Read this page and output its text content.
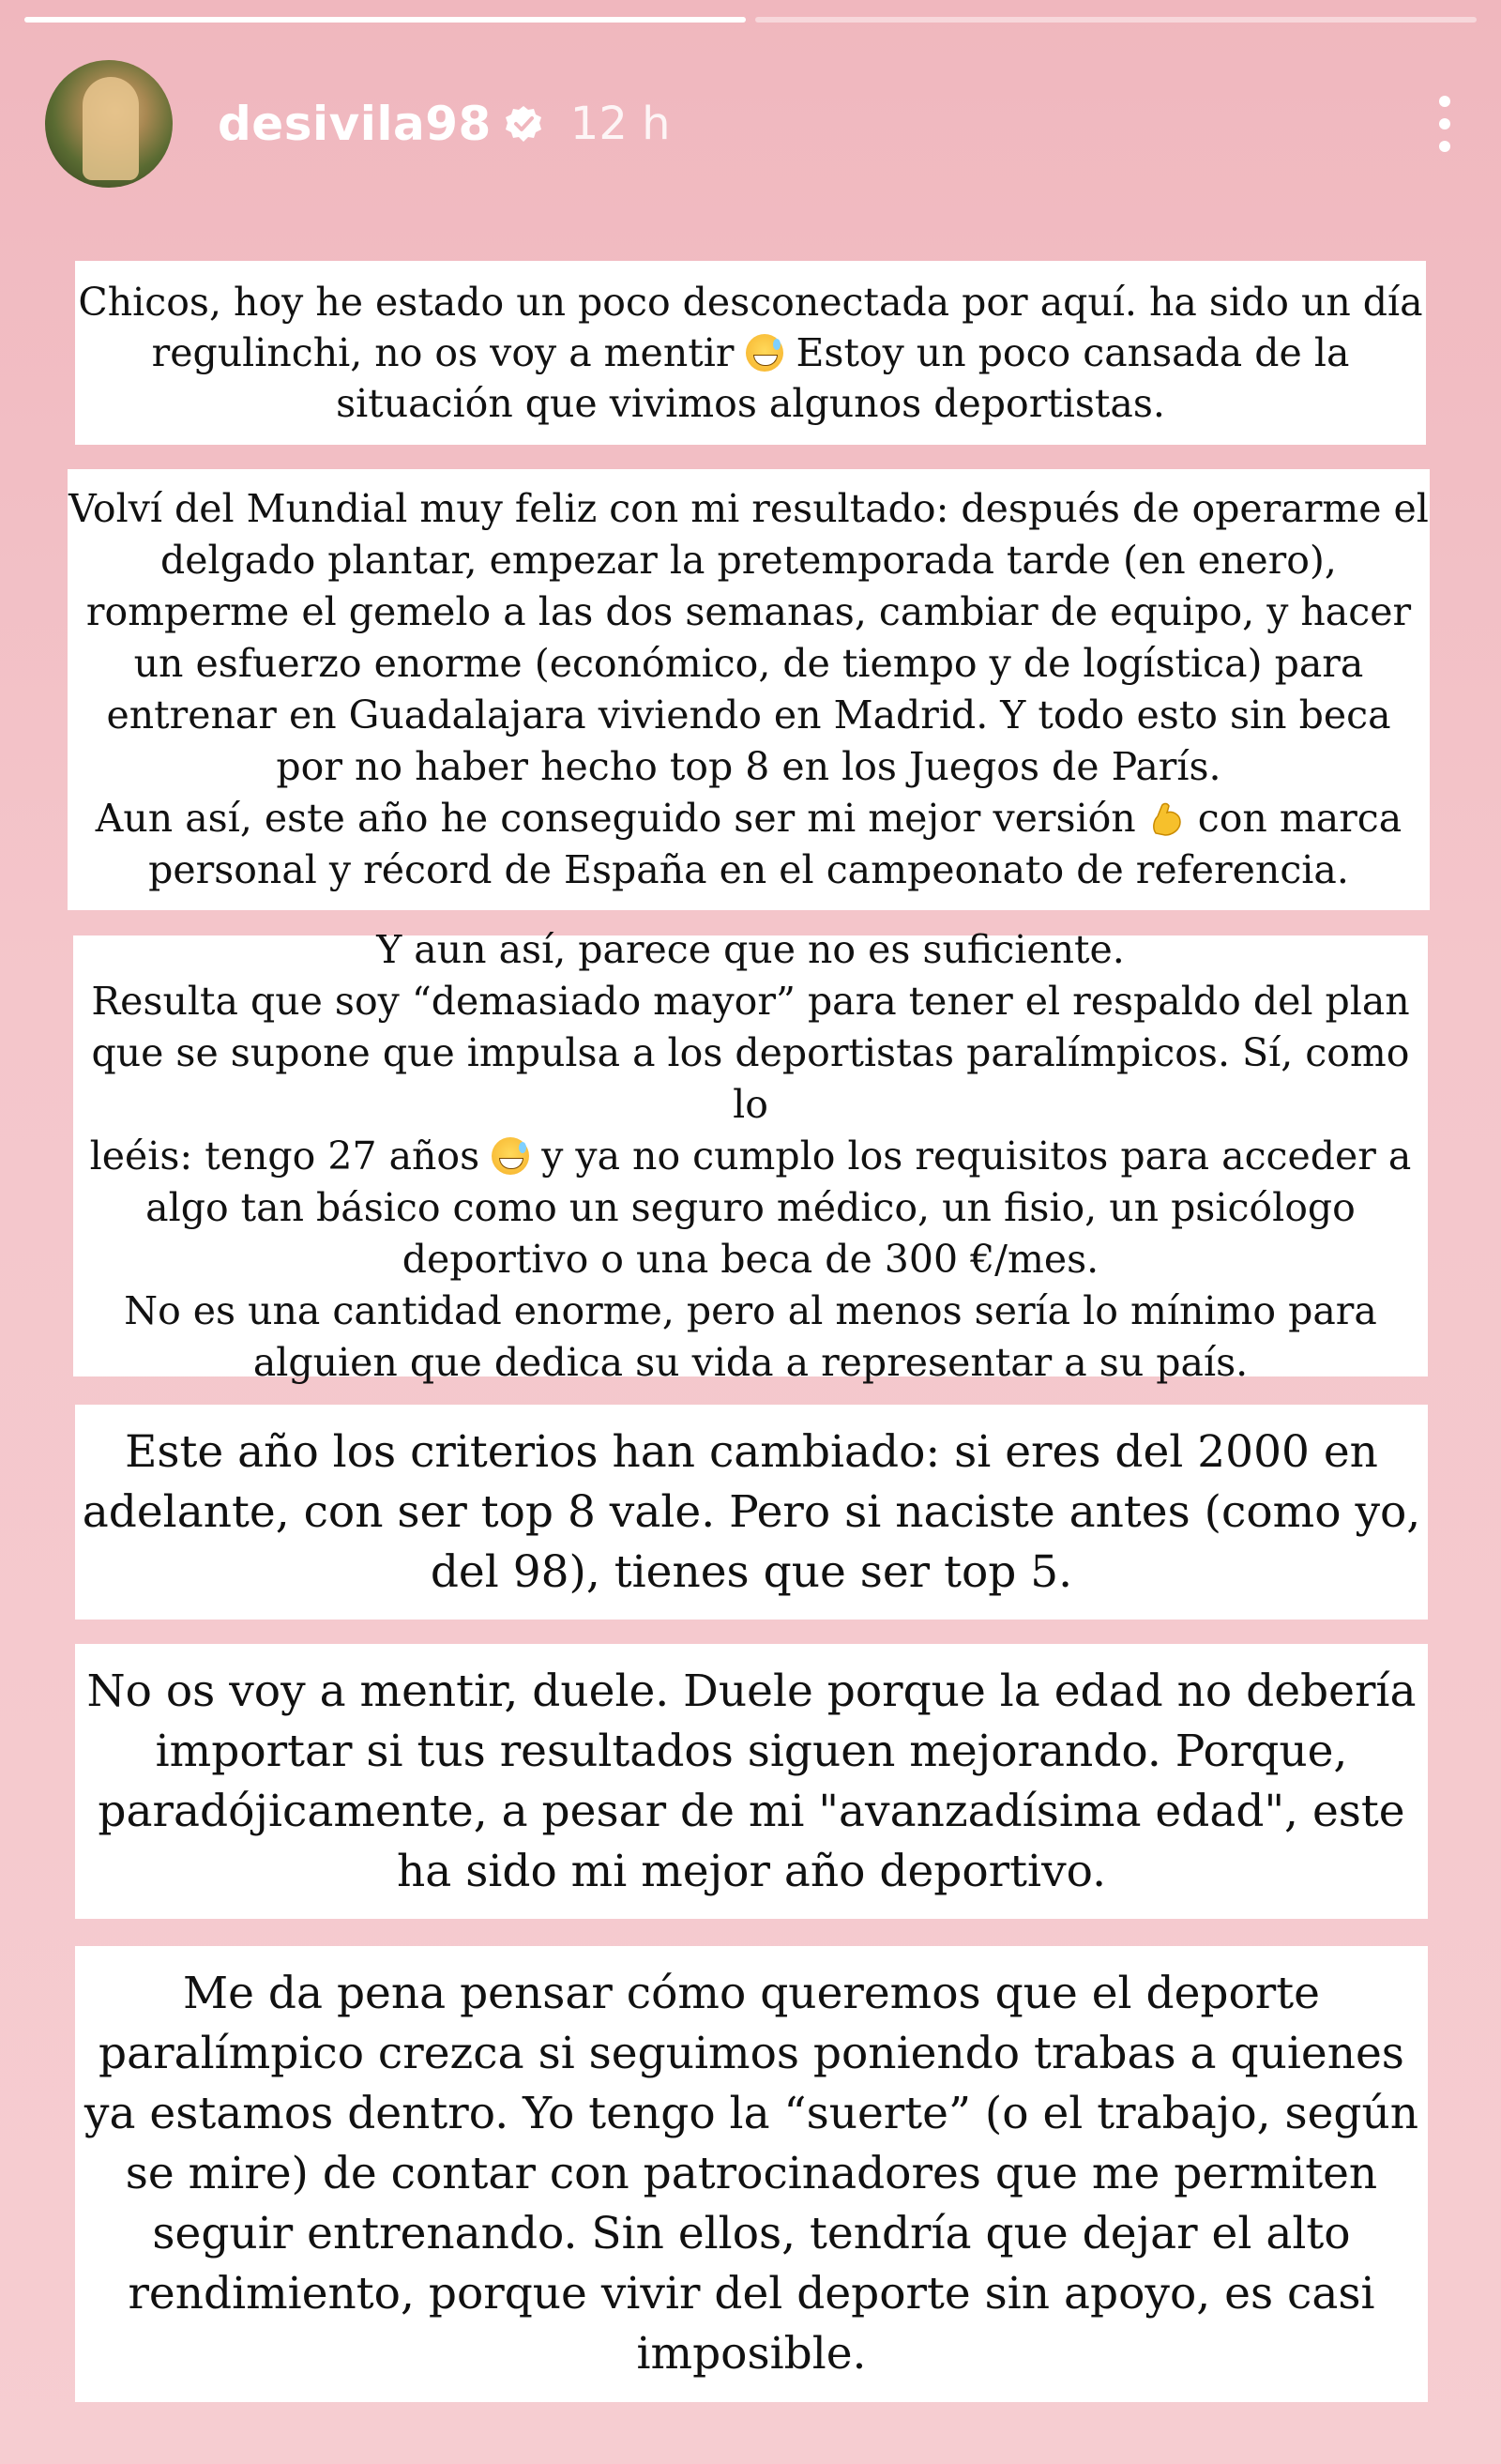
desivila98 12 h

Chicos, hoy he estado un poco desconectada por aquí. ha sido un día
regulinchi, no os voy a mentir  Estoy un poco cansada de la
situación que vivimos algunos deportistas.

Volví del Mundial muy feliz con mi resultado: después de operarme el
delgado plantar, empezar la pretemporada tarde (en enero),
romperme el gemelo a las dos semanas, cambiar de equipo, y hacer
un esfuerzo enorme (económico, de tiempo y de logística) para
entrenar en Guadalajara viviendo en Madrid. Y todo esto sin beca
por no haber hecho top 8 en los Juegos de París.
Aun así, este año he conseguido ser mi mejor versión  con marca
personal y récord de España en el campeonato de referencia.

Y aun así, parece que no es suficiente.
Resulta que soy “demasiado mayor” para tener el respaldo del plan
que se supone que impulsa a los deportistas paralímpicos. Sí, como lo
leéis: tengo 27 años  y ya no cumplo los requisitos para acceder a
algo tan básico como un seguro médico, un fisio, un psicólogo
deportivo o una beca de 300 €/mes.
No es una cantidad enorme, pero al menos sería lo mínimo para
alguien que dedica su vida a representar a su país.

Este año los criterios han cambiado: si eres del 2000 en
adelante, con ser top 8 vale. Pero si naciste antes (como yo,
del 98), tienes que ser top 5.

No os voy a mentir, duele. Duele porque la edad no debería
importar si tus resultados siguen mejorando. Porque,
paradójicamente, a pesar de mi "avanzadísima edad", este
ha sido mi mejor año deportivo.

Me da pena pensar cómo queremos que el deporte
paralímpico crezca si seguimos poniendo trabas a quienes
ya estamos dentro. Yo tengo la “suerte” (o el trabajo, según
se mire) de contar con patrocinadores que me permiten
seguir entrenando. Sin ellos, tendría que dejar el alto
rendimiento, porque vivir del deporte sin apoyo, es casi
imposible.
